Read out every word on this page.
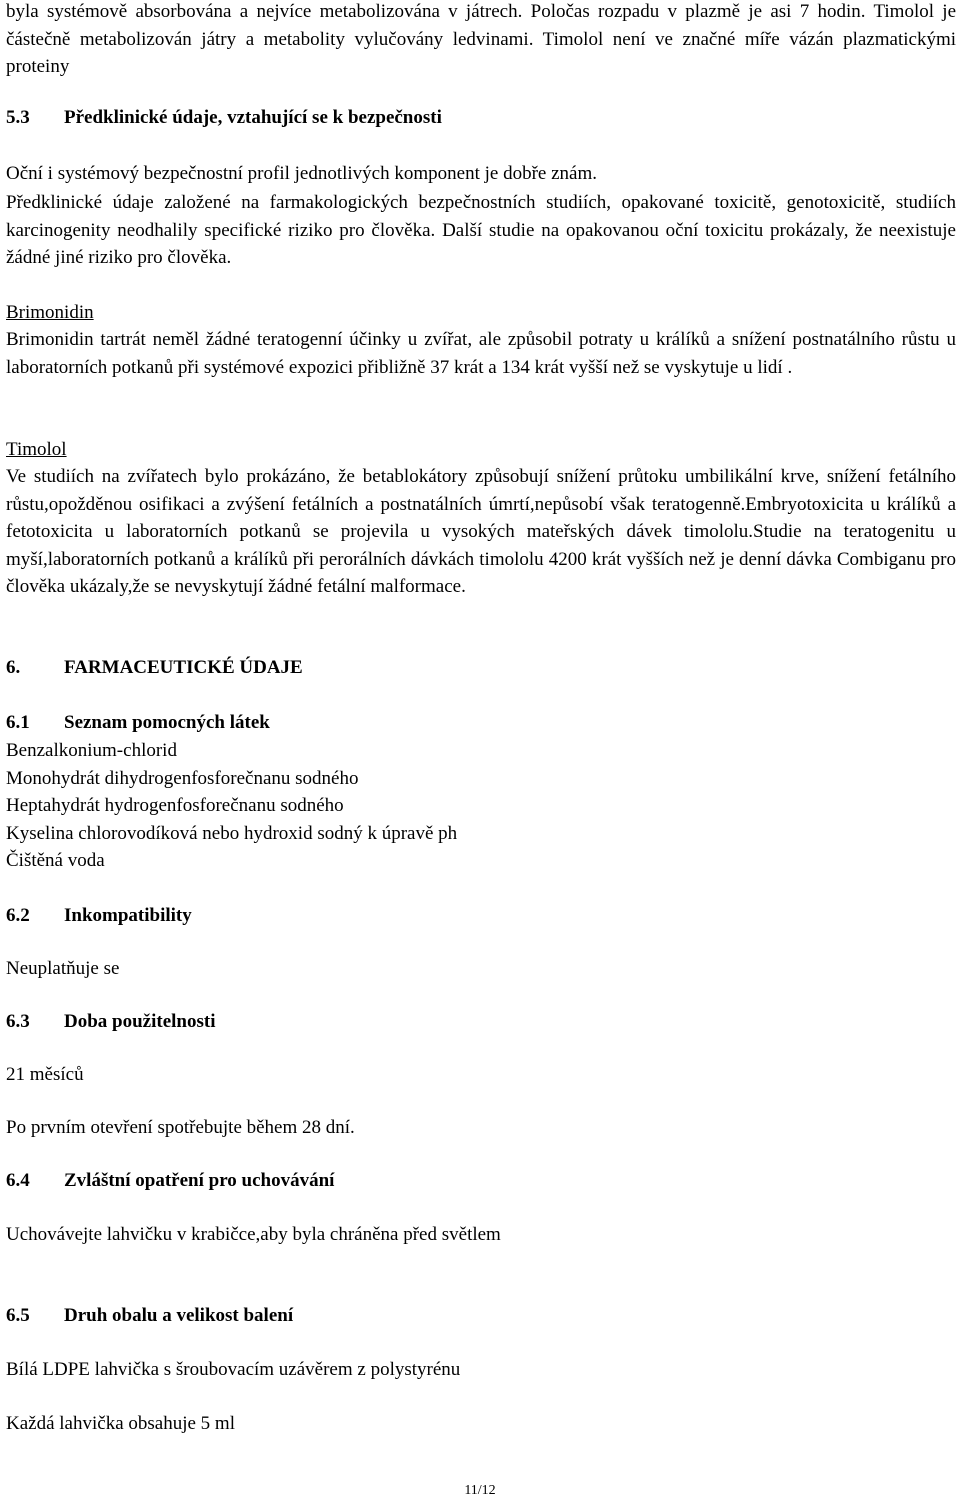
byla systémově absorbována a nejvíce metabolizována v játrech. Poločas rozpadu v plazmě je asi 7 hodin. Timolol je částečně metabolizován játry a metabolity vylučovány ledvinami. Timolol není ve značné míře vázán plazmatickými proteiny

5.3 Předklinické údaje, vztahující se k bezpečnosti

Oční i systémový bezpečnostní profil jednotlivých komponent je dobře znám.

Předklinické údaje založené na farmakologických bezpečnostních studiích, opakované toxicitě, genotoxicitě, studiích karcinogenity neodhalily specifické riziko pro člověka. Další studie na opakovanou oční toxicitu prokázaly, že neexistuje žádné jiné riziko pro člověka.

Brimonidin

Brimonidin tartrát neměl žádné teratogenní účinky u zvířat, ale způsobil potraty u králíků a snížení postnatálního růstu u laboratorních potkanů při systémové expozici přibližně 37 krát a 134 krát vyšší než se vyskytuje u lidí .

Timolol

Ve studiích na zvířatech bylo prokázáno, že betablokátory způsobují snížení průtoku umbilikální krve, snížení fetálního růstu,opožděnou osifikaci a zvýšení fetálních a postnatálních úmrtí,nepůsobí však teratogenně.Embryotoxicita u králíků a fetotoxicita u laboratorních potkanů se projevila u vysokých mateřských dávek timololu.Studie na teratogenitu u myší,laboratorních potkanů a králíků při perorálních dávkách timololu 4200 krát vyšších než je denní dávka Combiganu pro člověka ukázaly,že se nevyskytují žádné fetální malformace.

6. FARMACEUTICKÉ ÚDAJE
6.1 Seznam pomocných látek
Benzalkonium-chlorid
Monohydrát dihydrogenfosforečnanu sodného
Heptahydrát hydrogenfosforečnanu sodného
Kyselina chlorovodíková nebo hydroxid sodný k úpravě ph
Čištěná voda
6.2 Inkompatibility
Neuplatňuje se
6.3 Doba použitelnosti
21 měsíců
Po prvním otevření spotřebujte během 28 dní.
6.4 Zvláštní opatření pro uchovávání
Uchovávejte lahvičku v krabičce,aby byla chráněna před světlem
6.5 Druh obalu a velikost balení
Bílá LDPE lahvička s šroubovacím uzávěrem z polystyrénu
Každá lahvička obsahuje 5 ml
11/12
